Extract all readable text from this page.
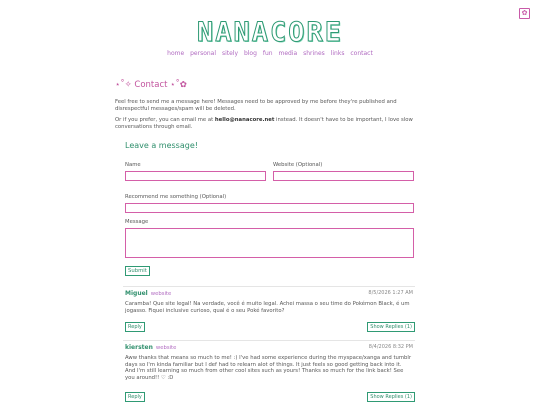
✿
NANACORE
home personal sitely blog fun media shrines links contact
⋆˚✧ Contact ⋆˚✿
Feel free to send me a message here! Messages need to be approved by me before they're published and disrespectful messages/spam will be deleted.
Or if you prefer, you can email me at hello@nanacore.net instead. It doesn't have to be important, I love slow conversations through email.
Leave a message!
Name	Website (Optional)
Recommend me something (Optional)
Message
Submit
Miguel website	8/5/2026 1:27 AM
Caramba! Que site legal! Na verdade, você é muito legal. Achei massa o seu time do Pokémon Black, é um jogasso. Fiquei inclusive curioso, qual é o seu Poké favorito?
Reply	Show Replies (1)
kiersten website	8/4/2026 8:32 PM
Aww thanks that means so much to me! :) I've had some experience during the myspace/xanga and tumblr days so I'm kinda familiar but I def had to relearn alot of things. It just feels so good getting back into it. And I'm still learning so much from other cool sites such as yours! Thanks so much for the link back! See you around!! ♡ :D
Reply	Show Replies (1)
